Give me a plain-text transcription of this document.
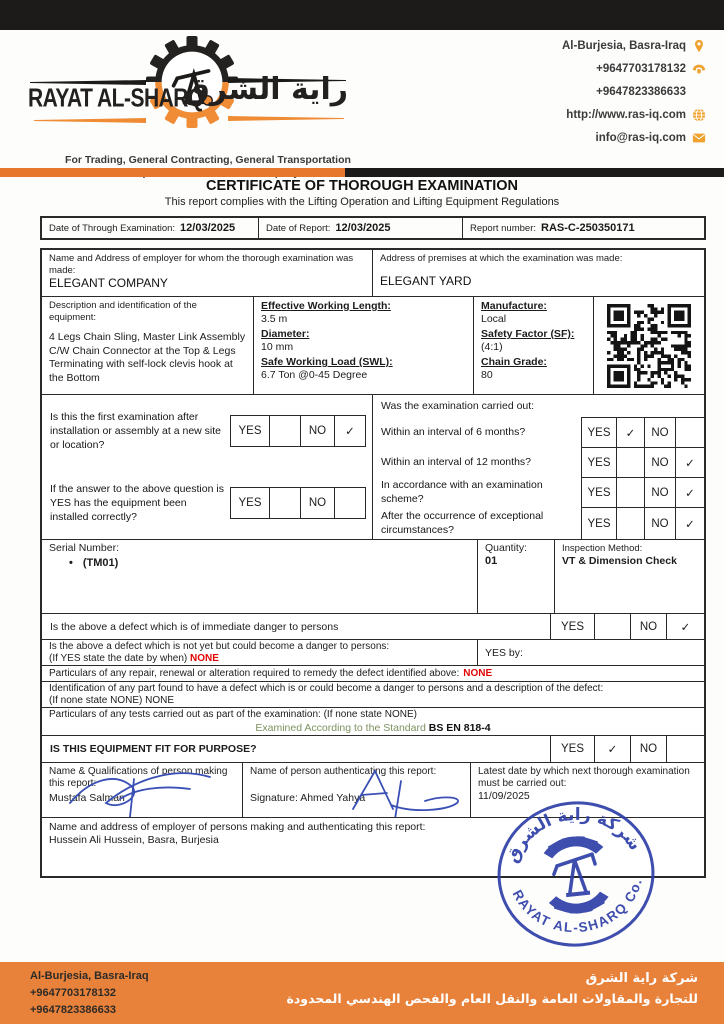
RAYAT AL-SHARQ
راية الشرق
For Trading, General Contracting, General Transportation
Al-Burjesia, Basra-Iraq
+9647703178132
+9647823386633
http://www.ras-iq.com
info@ras-iq.com
CERTIFICATE OF THOROUGH EXAMINATION
This report complies with the Lifting Operation and Lifting Equipment Regulations
Date of Through Examination: 12/03/2025	Date of Report: 12/03/2025	Report number: RAS-C-250350171
Name and Address of employer for whom the thorough examination was made:
ELEGANT COMPANY
Address of premises at which the examination was made:
ELEGANT YARD
Description and identification of the equipment:
4 Legs Chain Sling, Master Link Assembly C/W Chain Connector at the Top & Legs Terminating with self-lock clevis hook at the Bottom
Effective Working Length:
3.5 m
Diameter:
10 mm
Safe Working Load (SWL):
6.7 Ton @0-45 Degree
Manufacture:
Local
Safety Factor (SF):
(4:1)
Chain Grade:
80
Is this the first examination after installation or assembly at a new site or location?
YES	NO	✓
If the answer to the above question is YES has the equipment been installed correctly?
YES	NO
Was the examination carried out:
Within an interval of 6 months?	YES	✓	NO
Within an interval of 12 months?	YES	NO	✓
In accordance with an examination scheme?
YES	NO	✓
After the occurrence of exceptional circumstances?
YES	NO	✓
Serial Number:
• (TM01)
Quantity:
01
Inspection Method:
VT & Dimension Check
Is the above a defect which is of immediate danger to persons	YES	NO	✓
Is the above a defect which is not yet but could become a danger to persons:
(If YES state the date by when) NONE	YES by:
Particulars of any repair, renewal or alteration required to remedy the defect identified above: NONE
Identification of any part found to have a defect which is or could become a danger to persons and a description of the defect:
(If none state NONE) NONE
Particulars of any tests carried out as part of the examination: (If none state NONE)
Examined According to the Standard BS EN 818-4
IS THIS EQUIPMENT FIT FOR PURPOSE?	YES	✓	NO
Name & Qualifications of person making this report:
Mustafa Salman
Name of person authenticating this report:
Signature: Ahmed Yahya
Latest date by which next thorough examination must be carried out:
11/09/2025
Name and address of employer of persons making and authenticating this report:
Hussein Ali Hussein, Basra, Burjesia
شركة راية الشرق
RAYAT AL-SHARQ Co.
Al-Burjesia, Basra-Iraq
+9647703178132
+9647823386633
شركة راية الشرق
للتجارة والمقاولات العامة والنقل العام والفحص الهندسي المحدودة
